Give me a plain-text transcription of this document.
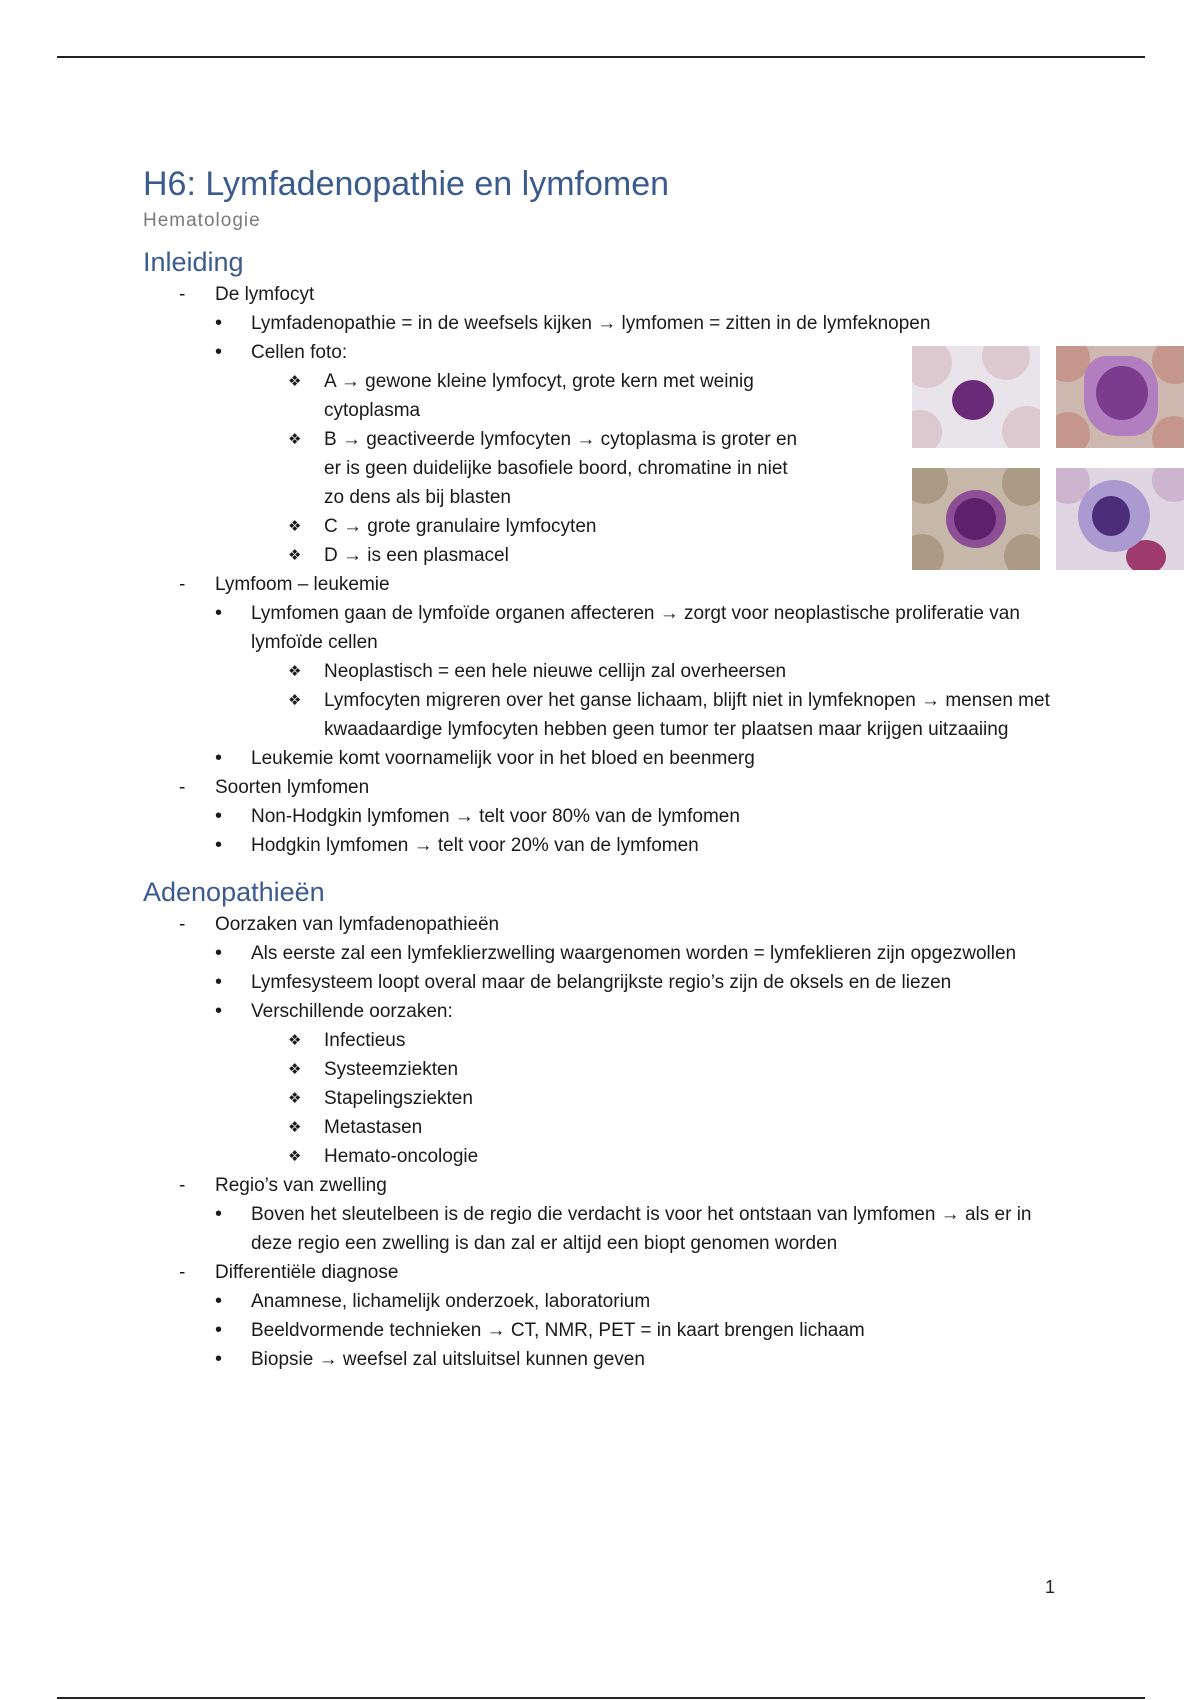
H6: Lymfadenopathie en lymfomen
Hematologie
Inleiding
- De lymfocyt
• Lymfadenopathie = in de weefsels kijken → lymfomen = zitten in de lymfeknopen
• Cellen foto:
❖ A → gewone kleine lymfocyt, grote kern met weinig cytoplasma
❖ B → geactiveerde lymfocyten → cytoplasma is groter en er is geen duidelijke basofiele boord, chromatine in niet zo dens als bij blasten
❖ C → grote granulaire lymfocyten
❖ D → is een plasmacel
- Lymfoom – leukemie
• Lymfomen gaan de lymfoïde organen affecteren → zorgt voor neoplastische proliferatie van lymfoïde cellen
❖ Neoplastisch = een hele nieuwe cellijn zal overheersen
❖ Lymfocyten migreren over het ganse lichaam, blijft niet in lymfeknopen → mensen met kwaadaardige lymfocyten hebben geen tumor ter plaatsen maar krijgen uitzaaiing
• Leukemie komt voornamelijk voor in het bloed en beenmerg
- Soorten lymfomen
• Non-Hodgkin lymfomen → telt voor 80% van de lymfomen
• Hodgkin lymfomen → telt voor 20% van de lymfomen
Adenopathieën
- Oorzaken van lymfadenopathieën
• Als eerste zal een lymfeklierzwelling waargenomen worden = lymfeklieren zijn opgezwollen
• Lymfesysteem loopt overal maar de belangrijkste regio’s zijn de oksels en de liezen
• Verschillende oorzaken:
❖ Infectieus
❖ Systeemziekten
❖ Stapelingsziekten
❖ Metastasen
❖ Hemato-oncologie
- Regio’s van zwelling
• Boven het sleutelbeen is de regio die verdacht is voor het ontstaan van lymfomen → als er in deze regio een zwelling is dan zal er altijd een biopt genomen worden
- Differentiële diagnose
• Anamnese, lichamelijk onderzoek, laboratorium
• Beeldvormende technieken → CT, NMR, PET = in kaart brengen lichaam
• Biopsie → weefsel zal uitsluitsel kunnen geven
1
